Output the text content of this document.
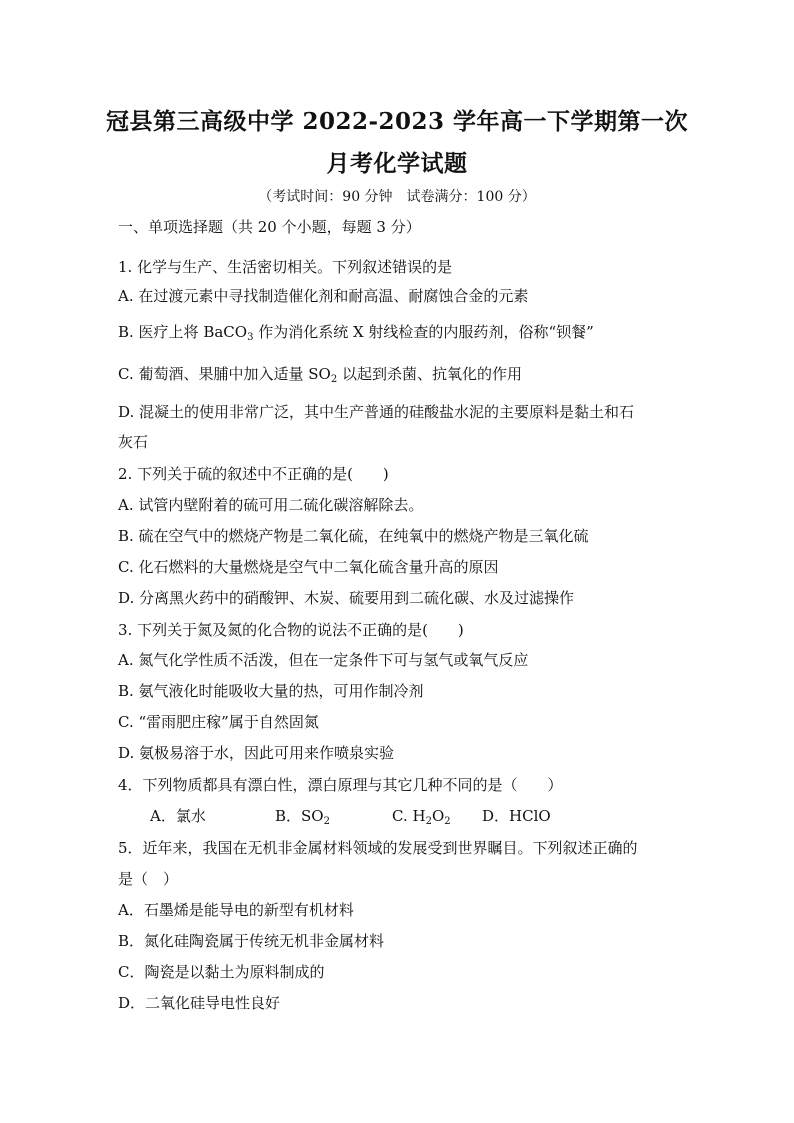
冠县第三高级中学 2022-2023 学年高一下学期第一次
月考化学试题
（考试时间：90 分钟　试卷满分：100 分）
一、单项选择题（共 20 个小题，每题 3 分）
1. 化学与生产、生活密切相关。下列叙述错误的是
A. 在过渡元素中寻找制造催化剂和耐高温、耐腐蚀合金的元素
B. 医疗上将 BaCO$_3$ 作为消化系统 X 射线检查的内服药剂，俗称“钡餐”
C. 葡萄酒、果脯中加入适量 $SO_2$ 以起到杀菌、抗氧化的作用
D. 混凝土的使用非常广泛，其中生产普通的硅酸盐水泥的主要原料是黏土和石
灰石
2. 下列关于硫的叙述中不正确的是(　　)
A. 试管内壁附着的硫可用二硫化碳溶解除去。
B. 硫在空气中的燃烧产物是二氧化硫，在纯氧中的燃烧产物是三氧化硫
C. 化石燃料的大量燃烧是空气中二氧化硫含量升高的原因
D. 分离黑火药中的硝酸钾、木炭、硫要用到二硫化碳、水及过滤操作
3. 下列关于氮及氮的化合物的说法不正确的是(　　)
A. 氮气化学性质不活泼，但在一定条件下可与氢气或氧气反应
B. 氨气液化时能吸收大量的热，可用作制冷剂
C. “雷雨肥庄稼”属于自然固氮
D. 氨极易溶于水，因此可用来作喷泉实验
4．下列物质都具有漂白性，漂白原理与其它几种不同的是（　　）
A．氯水	B．$SO_2$	C. $H_2O_2$ D．HClO
5．近年来，我国在无机非金属材料领域的发展受到世界瞩目。下列叙述正确的
是（　）
A．石墨烯是能导电的新型有机材料
B．氮化硅陶瓷属于传统无机非金属材料
C．陶瓷是以黏土为原料制成的
D．二氧化硅导电性良好
